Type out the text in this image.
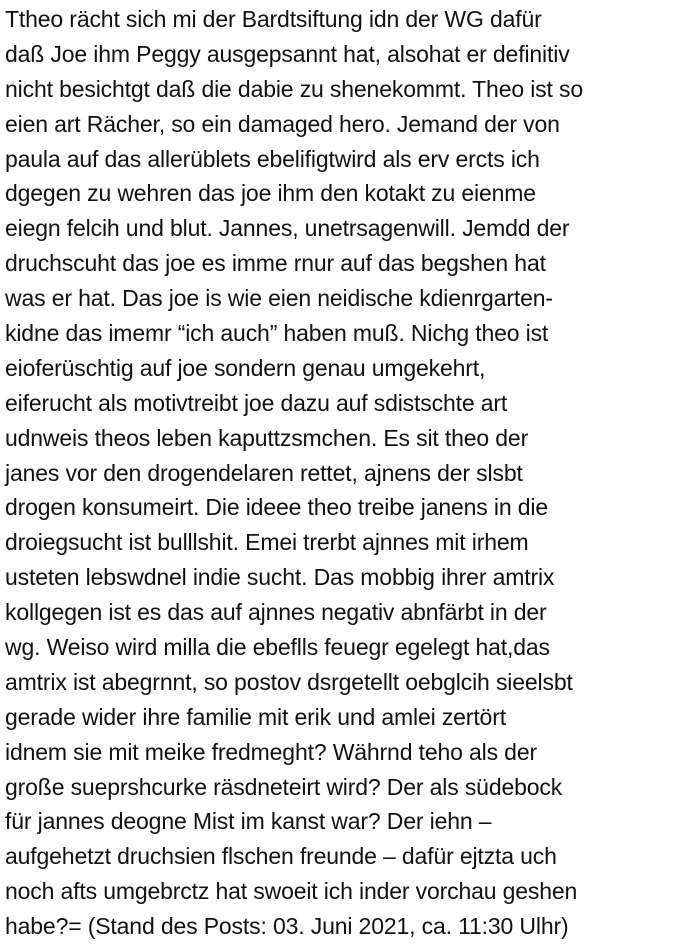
Ttheo rächt sich mi der Bardtsiftung idn der WG dafür
daß Joe ihm Peggy ausgepsannt hat, alsohat er definitiv
nicht besichtgt daß die dabie zu shenekommt. Theo ist so
eien art Rächer, so ein damaged hero. Jemand der von
paula auf das allerüblets ebelifigtwird als erv ercts ich
dgegen zu wehren das joe ihm den kotakt zu eienme
eiegn felcih und blut. Jannes, unetrsagenwill. Jemdd der
druchscuht das joe es imme rnur auf das begshen hat
was er hat. Das joe is wie eien neidische kdienrgarten-
kidne das imemr “ich auch” haben muß. Nichg theo ist
eioferüschtig auf joe sondern genau umgekehrt,
eiferucht als motivtreibt joe dazu auf sdistschte art
udnweis theos leben kaputtzsmchen. Es sit theo der
janes vor den drogendelaren rettet, ajnens der slsbt
drogen konsumeirt. Die ideee theo treibe janens in die
droiegsucht ist bulllshit. Emei trerbt ajnnes mit irhem
usteten lebswdnel indie sucht. Das mobbig ihrer amtrix
kollgegen ist es das auf ajnnes negativ abnfärbt in der
wg. Weiso wird milla die ebeflls feuegr egelegt hat,das
amtrix ist abegrnnt, so postov dsrgetellt oebglcih sieelsbt
gerade wider ihre familie mit erik und amlei zertört
idnem sie mit meike fredmeght? Währnd teho als der
große sueprshcurke räsdneteirt wird? Der als südebock
für jannes deogne Mist im kanst war? Der iehn –
aufgehetzt druchsien flschen freunde – dafür ejtzta uch
noch afts umgebrctz hat swoeit ich inder vorchau geshen
habe?= (Stand des Posts: 03. Juni 2021, ca. 11:30 Ulhr)
